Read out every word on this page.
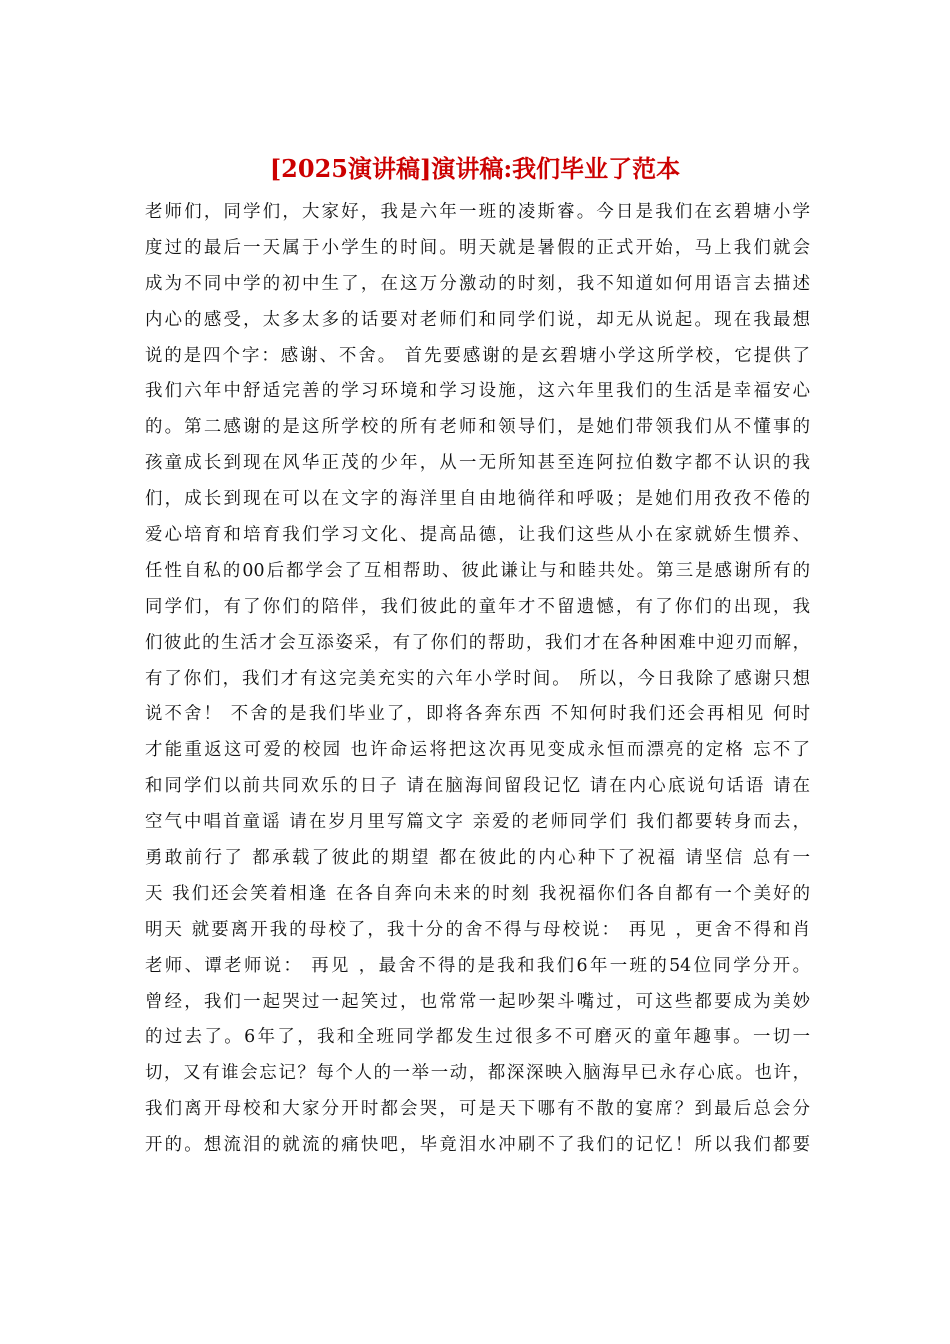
[2025演讲稿]演讲稿:我们毕业了范本
老师们，同学们，大家好，我是六年一班的凌斯睿。今日是我们在玄碧塘小学
度过的最后一天属于小学生的时间。明天就是暑假的正式开始，马上我们就会
成为不同中学的初中生了，在这万分激动的时刻，我不知道如何用语言去描述
内心的感受，太多太多的话要对老师们和同学们说，却无从说起。现在我最想
说的是四个字：感谢、不舍。 首先要感谢的是玄碧塘小学这所学校，它提供了
我们六年中舒适完善的学习环境和学习设施，这六年里我们的生活是幸福安心
的。第二感谢的是这所学校的所有老师和领导们，是她们带领我们从不懂事的
孩童成长到现在风华正茂的少年，从一无所知甚至连阿拉伯数字都不认识的我
们，成长到现在可以在文字的海洋里自由地徜徉和呼吸；是她们用孜孜不倦的
爱心培育和培育我们学习文化、提高品德，让我们这些从小在家就娇生惯养、
任性自私的00后都学会了互相帮助、彼此谦让与和睦共处。第三是感谢所有的
同学们，有了你们的陪伴，我们彼此的童年才不留遗憾，有了你们的出现，我
们彼此的生活才会互添姿采，有了你们的帮助，我们才在各种困难中迎刃而解，
有了你们，我们才有这完美充实的六年小学时间。 所以，今日我除了感谢只想
说不舍！ 不舍的是我们毕业了，即将各奔东西 不知何时我们还会再相见 何时
才能重返这可爱的校园 也许命运将把这次再见变成永恒而漂亮的定格 忘不了
和同学们以前共同欢乐的日子 请在脑海间留段记忆 请在内心底说句话语 请在
空气中唱首童谣 请在岁月里写篇文字 亲爱的老师同学们 我们都要转身而去，
勇敢前行了 都承载了彼此的期望 都在彼此的内心种下了祝福 请坚信 总有一
天 我们还会笑着相逢 在各自奔向未来的时刻 我祝福你们各自都有一个美好的
明天 就要离开我的母校了，我十分的舍不得与母校说： 再见 ，更舍不得和肖
老师、谭老师说： 再见 ，最舍不得的是我和我们6年一班的54位同学分开。
曾经，我们一起哭过一起笑过，也常常一起吵架斗嘴过，可这些都要成为美妙
的过去了。6年了，我和全班同学都发生过很多不可磨灭的童年趣事。一切一
切，又有谁会忘记？每个人的一举一动，都深深映入脑海早已永存心底。也许，
我们离开母校和大家分开时都会哭，可是天下哪有不散的宴席？到最后总会分
开的。想流泪的就流的痛快吧，毕竟泪水冲刷不了我们的记忆！所以我们都要
